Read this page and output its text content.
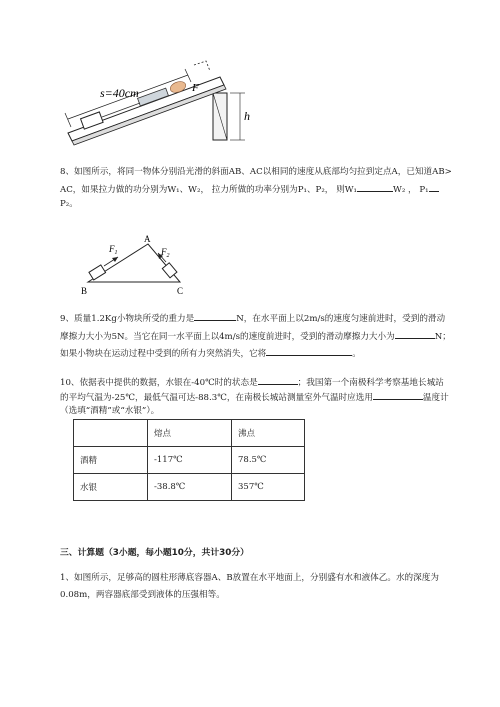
s=40cm	F
h
8、如图所示，将同一物体分别沿光滑的斜面AB、AC以相同的速度从底部均匀拉到定点A，已知道AB>
AC，如果拉力做的功分别为W₁、W₂， 拉力所做的功率分别为P₁、P₂， 则W₁	W₂ ， P₁
P₂。
A
B	C
$F_1$	$F_2$
9、质量1.2Kg小物块所受的重力是	N，在水平面上以2m/s的速度匀速前进时，受到的滑动
摩擦力大小为5N。当它在同一水平面上以4m/s的速度前进时，受到的滑动摩擦力大小为	N；
如果小物块在运动过程中受到的所有力突然消失，它将	。
10、依据表中提供的数据，水银在-40℃时的状态是	；我国第一个南极科学考察基地长城站
的平均气温为-25℃，最低气温可达-88.3℃，在南极长城站测量室外气温时应选用	温度计
（选填“酒精”或“水银”）。
	熔点	沸点
酒精	-117℃	78.5℃
水银	-38.8℃	357℃
三、计算题（3小题，每小题10分，共计30分）
1、如图所示，足够高的圆柱形薄底容器A、B放置在水平地面上，分别盛有水和液体乙。水的深度为
0.08m，两容器底部受到液体的压强相等。
